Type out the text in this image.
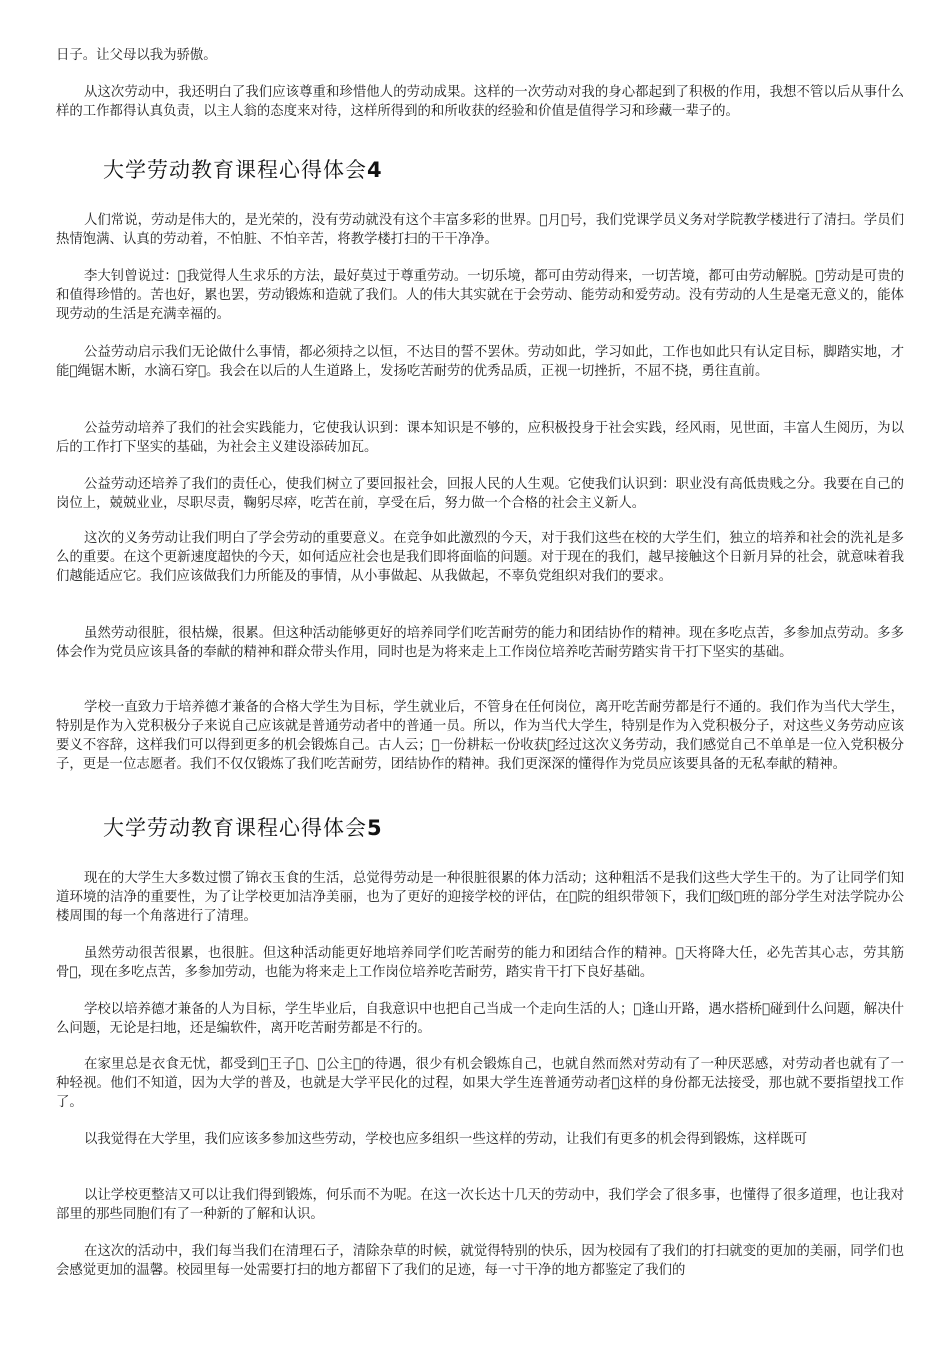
日子。让父母以我为骄傲。

从这次劳动中，我还明白了我们应该尊重和珍惜他人的劳动成果。这样的一次劳动对我的身心都起到了积极的作用，我想不管以后从事什么样的工作都得认真负责，以主人翁的态度来对待，这样所得到的和所收获的经验和价值是值得学习和珍藏一辈子的。

大学劳动教育课程心得体会4

人们常说，劳动是伟大的，是光荣的，没有劳动就没有这个丰富多彩的世界。 月 号，我们党课学员义务对学院教学楼进行了清扫。学员们热情饱满、认真的劳动着，不怕脏、不怕辛苦，将教学楼打扫的干干净净。

李大钊曾说过： 我觉得人生求乐的方法，最好莫过于尊重劳动。一切乐境，都可由劳动得来，一切苦境，都可由劳动解脱。 劳动是可贵的和值得珍惜的。苦也好，累也罢，劳动锻炼和造就了我们。人的伟大其实就在于会劳动、能劳动和爱劳动。没有劳动的人生是毫无意义的，能体现劳动的生活是充满幸福的。

公益劳动启示我们无论做什么事情，都必须持之以恒，不达目的誓不罢休。劳动如此，学习如此，工作也如此只有认定目标，脚踏实地，才能 绳锯木断，水滴石穿 。我会在以后的人生道路上，发扬吃苦耐劳的优秀品质，正视一切挫折，不屈不挠，勇往直前。

公益劳动培养了我们的社会实践能力，它使我认识到：课本知识是不够的，应积极投身于社会实践，经风雨，见世面，丰富人生阅历，为以后的工作打下坚实的基础，为社会主义建设添砖加瓦。

公益劳动还培养了我们的责任心，使我们树立了要回报社会，回报人民的人生观。它使我们认识到：职业没有高低贵贱之分。我要在自己的岗位上，兢兢业业，尽职尽责，鞠躬尽瘁，吃苦在前，享受在后，努力做一个合格的社会主义新人。

这次的义务劳动让我们明白了学会劳动的重要意义。在竞争如此激烈的今天，对于我们这些在校的大学生们，独立的培养和社会的洗礼是多么的重要。在这个更新速度超快的今天，如何适应社会也是我们即将面临的问题。对于现在的我们，越早接触这个日新月异的社会，就意味着我们越能适应它。我们应该做我们力所能及的事情，从小事做起、从我做起，不辜负党组织对我们的要求。

虽然劳动很脏，很枯燥，很累。但这种活动能够更好的培养同学们吃苦耐劳的能力和团结协作的精神。现在多吃点苦，多参加点劳动。多多体会作为党员应该具备的奉献的精神和群众带头作用，同时也是为将来走上工作岗位培养吃苦耐劳踏实肯干打下坚实的基础。

学校一直致力于培养德才兼备的合格大学生为目标，学生就业后，不管身在任何岗位，离开吃苦耐劳都是行不通的。我们作为当代大学生，特别是作为入党积极分子来说自己应该就是普通劳动者中的普通一员。所以，作为当代大学生，特别是作为入党积极分子，对这些义务劳动应该要义不容辞，这样我们可以得到更多的机会锻炼自己。古人云； 一份耕耘一份收获 经过这次义务劳动，我们感觉自己不单单是一位入党积极分子，更是一位志愿者。我们不仅仅锻炼了我们吃苦耐劳，团结协作的精神。我们更深深的懂得作为党员应该要具备的无私奉献的精神。

大学劳动教育课程心得体会5

现在的大学生大多数过惯了锦衣玉食的生活，总觉得劳动是一种很脏很累的体力活动；这种粗活不是我们这些大学生干的。为了让同学们知道环境的洁净的重要性，为了让学校更加洁净美丽，也为了更好的迎接学校的评估，在 院的组织带领下，我们 级 班的部分学生对法学院办公楼周围的每一个角落进行了清理。

虽然劳动很苦很累，也很脏。但这种活动能更好地培养同学们吃苦耐劳的能力和团结合作的精神。 天将降大任，必先苦其心志，劳其筋骨 ，现在多吃点苦，多参加劳动，也能为将来走上工作岗位培养吃苦耐劳，踏实肯干打下良好基础。

学校以培养德才兼备的人为目标，学生毕业后，自我意识中也把自己当成一个走向生活的人； 逢山开路，遇水搭桥 碰到什么问题，解决什么问题，无论是扫地，还是编软件，离开吃苦耐劳都是不行的。

在家里总是衣食无忧，都受到 王子 、 公主 的待遇，很少有机会锻炼自己，也就自然而然对劳动有了一种厌恶感，对劳动者也就有了一种轻视。他们不知道，因为大学的普及，也就是大学平民化的过程，如果大学生连普通劳动者 这样的身份都无法接受，那也就不要指望找工作了。

以我觉得在大学里，我们应该多参加这些劳动，学校也应多组织一些这样的劳动，让我们有更多的机会得到锻炼，这样既可

以让学校更整洁又可以让我们得到锻炼，何乐而不为呢。在这一次长达十几天的劳动中，我们学会了很多事，也懂得了很多道理，也让我对部里的那些同胞们有了一种新的了解和认识。

在这次的活动中，我们每当我们在清理石子，清除杂草的时候，就觉得特别的快乐，因为校园有了我们的打扫就变的更加的美丽，同学们也会感觉更加的温馨。校园里每一处需要打扫的地方都留下了我们的足迹，每一寸干净的地方都鉴定了我们的
